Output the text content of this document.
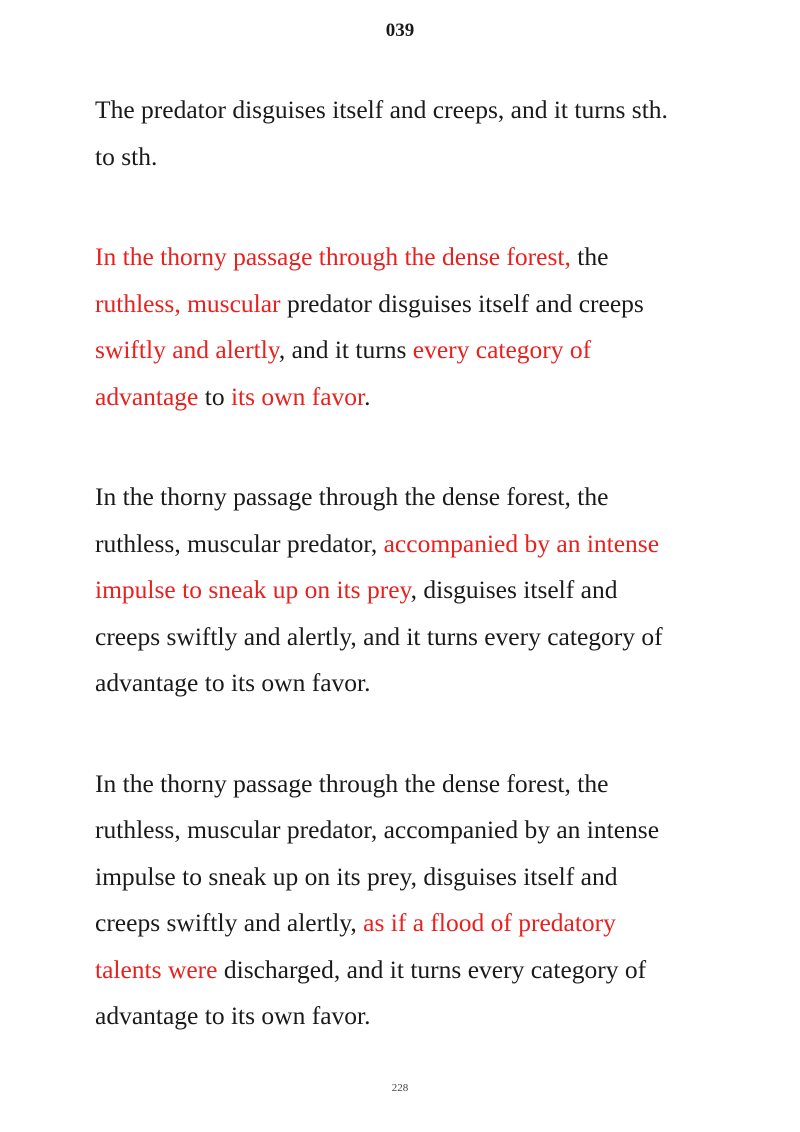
039

The predator disguises itself and creeps, and it turns sth.
to sth.

In the thorny passage through the dense forest, the
ruthless, muscular predator disguises itself and creeps
swiftly and alertly, and it turns every category of
advantage to its own favor.

In the thorny passage through the dense forest, the
ruthless, muscular predator, accompanied by an intense
impulse to sneak up on its prey, disguises itself and
creeps swiftly and alertly, and it turns every category of
advantage to its own favor.

In the thorny passage through the dense forest, the
ruthless, muscular predator, accompanied by an intense
impulse to sneak up on its prey, disguises itself and
creeps swiftly and alertly, as if a flood of predatory
talents were discharged, and it turns every category of
advantage to its own favor.

228
